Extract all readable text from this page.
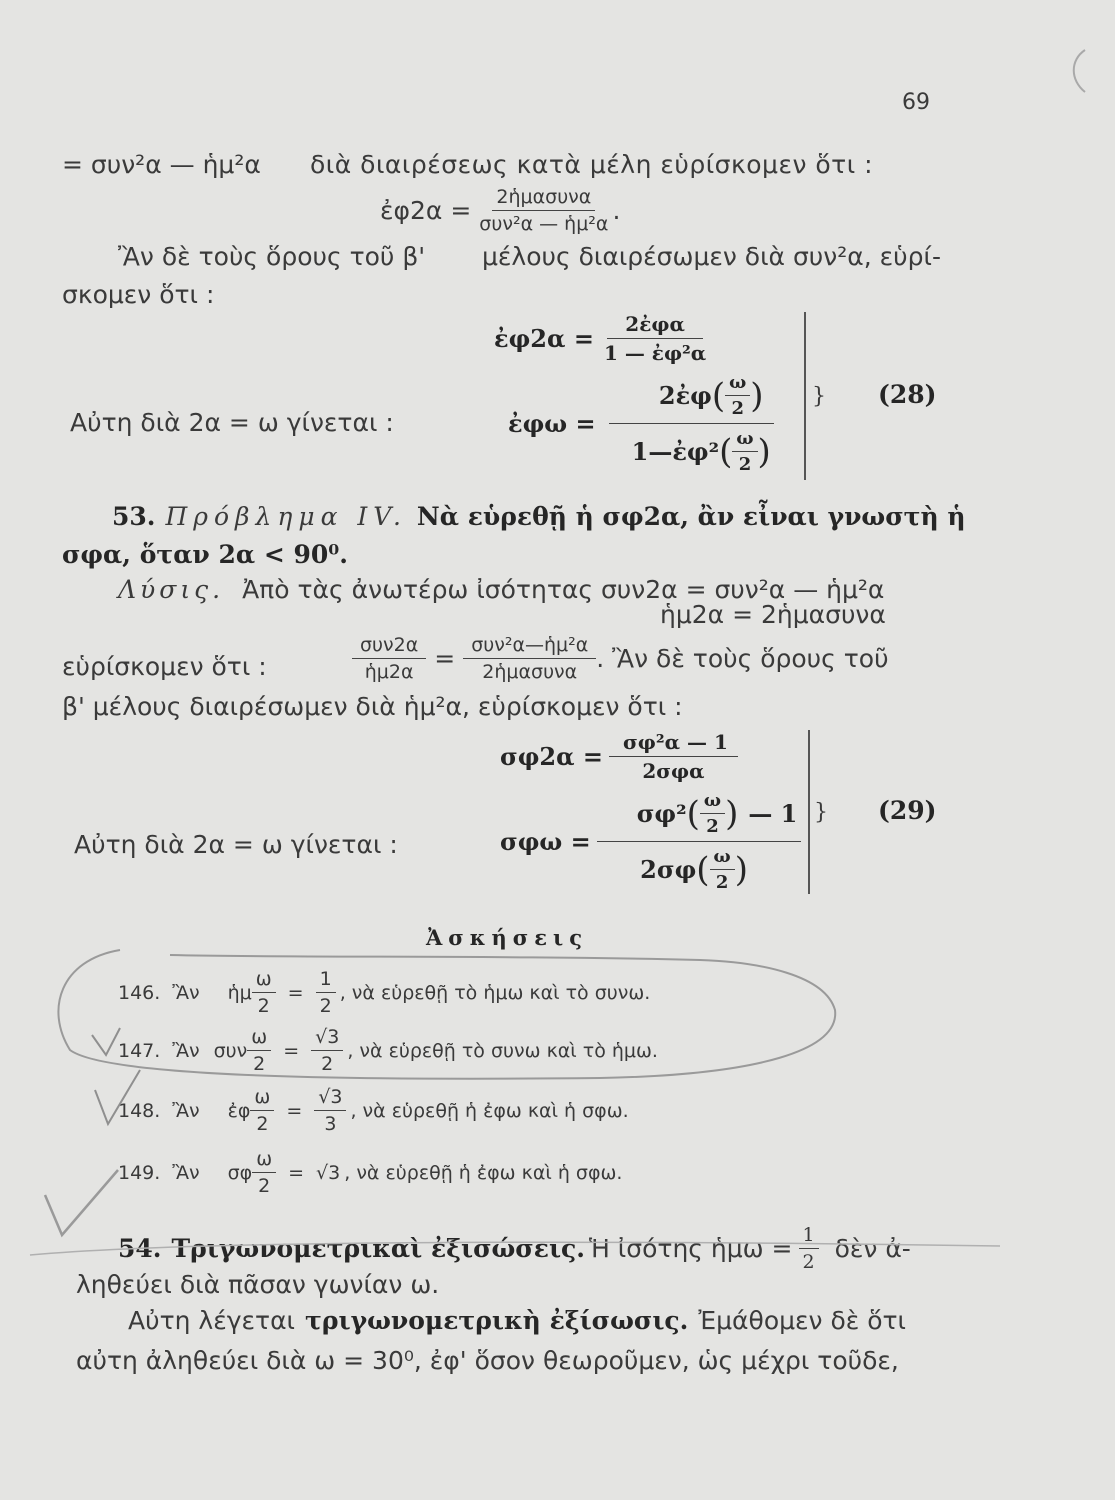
69
= συν²α — ἡμ²α διὰ διαιρέσεως κατὰ μέλη εὑρίσκομεν ὅτι :
ἐφ2α = $\frac{\text{2ἡμασυνα}}{\text{συν²α — ἡμ²α}}$ .
Ἂν δὲ τοὺς ὅρους τοῦ β' μέλους διαιρέσωμεν διὰ συν²α, εὑρί-
σκομεν ὅτι :
ἐφ2α = $\frac{\text{2ἐφα}}{\text{1 — ἐφ²α}}$
Αὐτη διὰ 2α = ω γίνεται :	ἐφω = $\frac{2ἐ\varphi ( \frac{\omega}{2} )}{1—ἐ\varphi^2 ( \frac{\omega}{2} )}$ } (28)
53. Πρόβλημα IV. Νὰ εὑρεθῇ ἡ σφ2α, ἂν εἶναι γνωστὴ ἡ
σφα, ὅταν 2α < 90⁰.
Λύσις. Ἀπὸ τὰς ἀνωτέρω ἰσότητας συν2α = συν²α — ἡμ²α
ἡμ2α = 2ἡμασυνα
εὑρίσκομεν ὅτι :	$\frac{\text{συν2α}}{\text{ἡμ2α}} = \frac{\text{συν²α—ἡμ²α}}{\text{2ἡμασυνα}}$ . Ἂν δὲ τοὺς ὅρους τοῦ
β' μέλους διαιρέσωμεν διὰ ἡμ²α, εὑρίσκομεν ὅτι :
$\sigma\varphi 2\alpha = \frac{\text{σφ²α — 1}}{\text{2σφα}}$
Αὐτη διὰ 2α = ω γίνεται :	σφω =
σφ² ( $\frac{\omega}{2}$ ) — 1
2σφ ( $\frac{\omega}{2}$ )
} (29)
Ἀσκήσεις
146. Ἂν ἡμ $\frac{\omega}{2} = \frac{1}{2}$ , νὰ εὑρεθῇ τὸ ἡμω καὶ τὸ συνω.
147. Ἂν συν $\frac{\omega}{2} = \frac{√3}{2}$ , νὰ εὑρεθῇ τὸ συνω καὶ τὸ ἡμω.
148. Ἂν ἐφ $\frac{\omega}{2} = \frac{√3}{3}$ , νὰ εὑρεθῇ ἡ ἐφω καὶ ἡ σφω.
149. Ἂν σφ $\frac{\omega}{2} = √3$ , νὰ εὑρεθῇ ἡ ἐφω καὶ ἡ σφω.
54. Τριγωνομετρικαὶ ἐξισώσεις. Ἡ ἰσότης ἡμω = $\frac{1}{2}$ δὲν ἀ-
ληθεύει διὰ πᾶσαν γωνίαν ω.
Αὐτη λέγεται τριγωνομετρικὴ ἐξίσωσις. Ἐμάθομεν δὲ ὅτι
αὐτη ἀληθεύει διὰ ω = 30⁰, ἐφ' ὅσον θεωροῦμεν, ὡς μέχρι τοῦδε,
